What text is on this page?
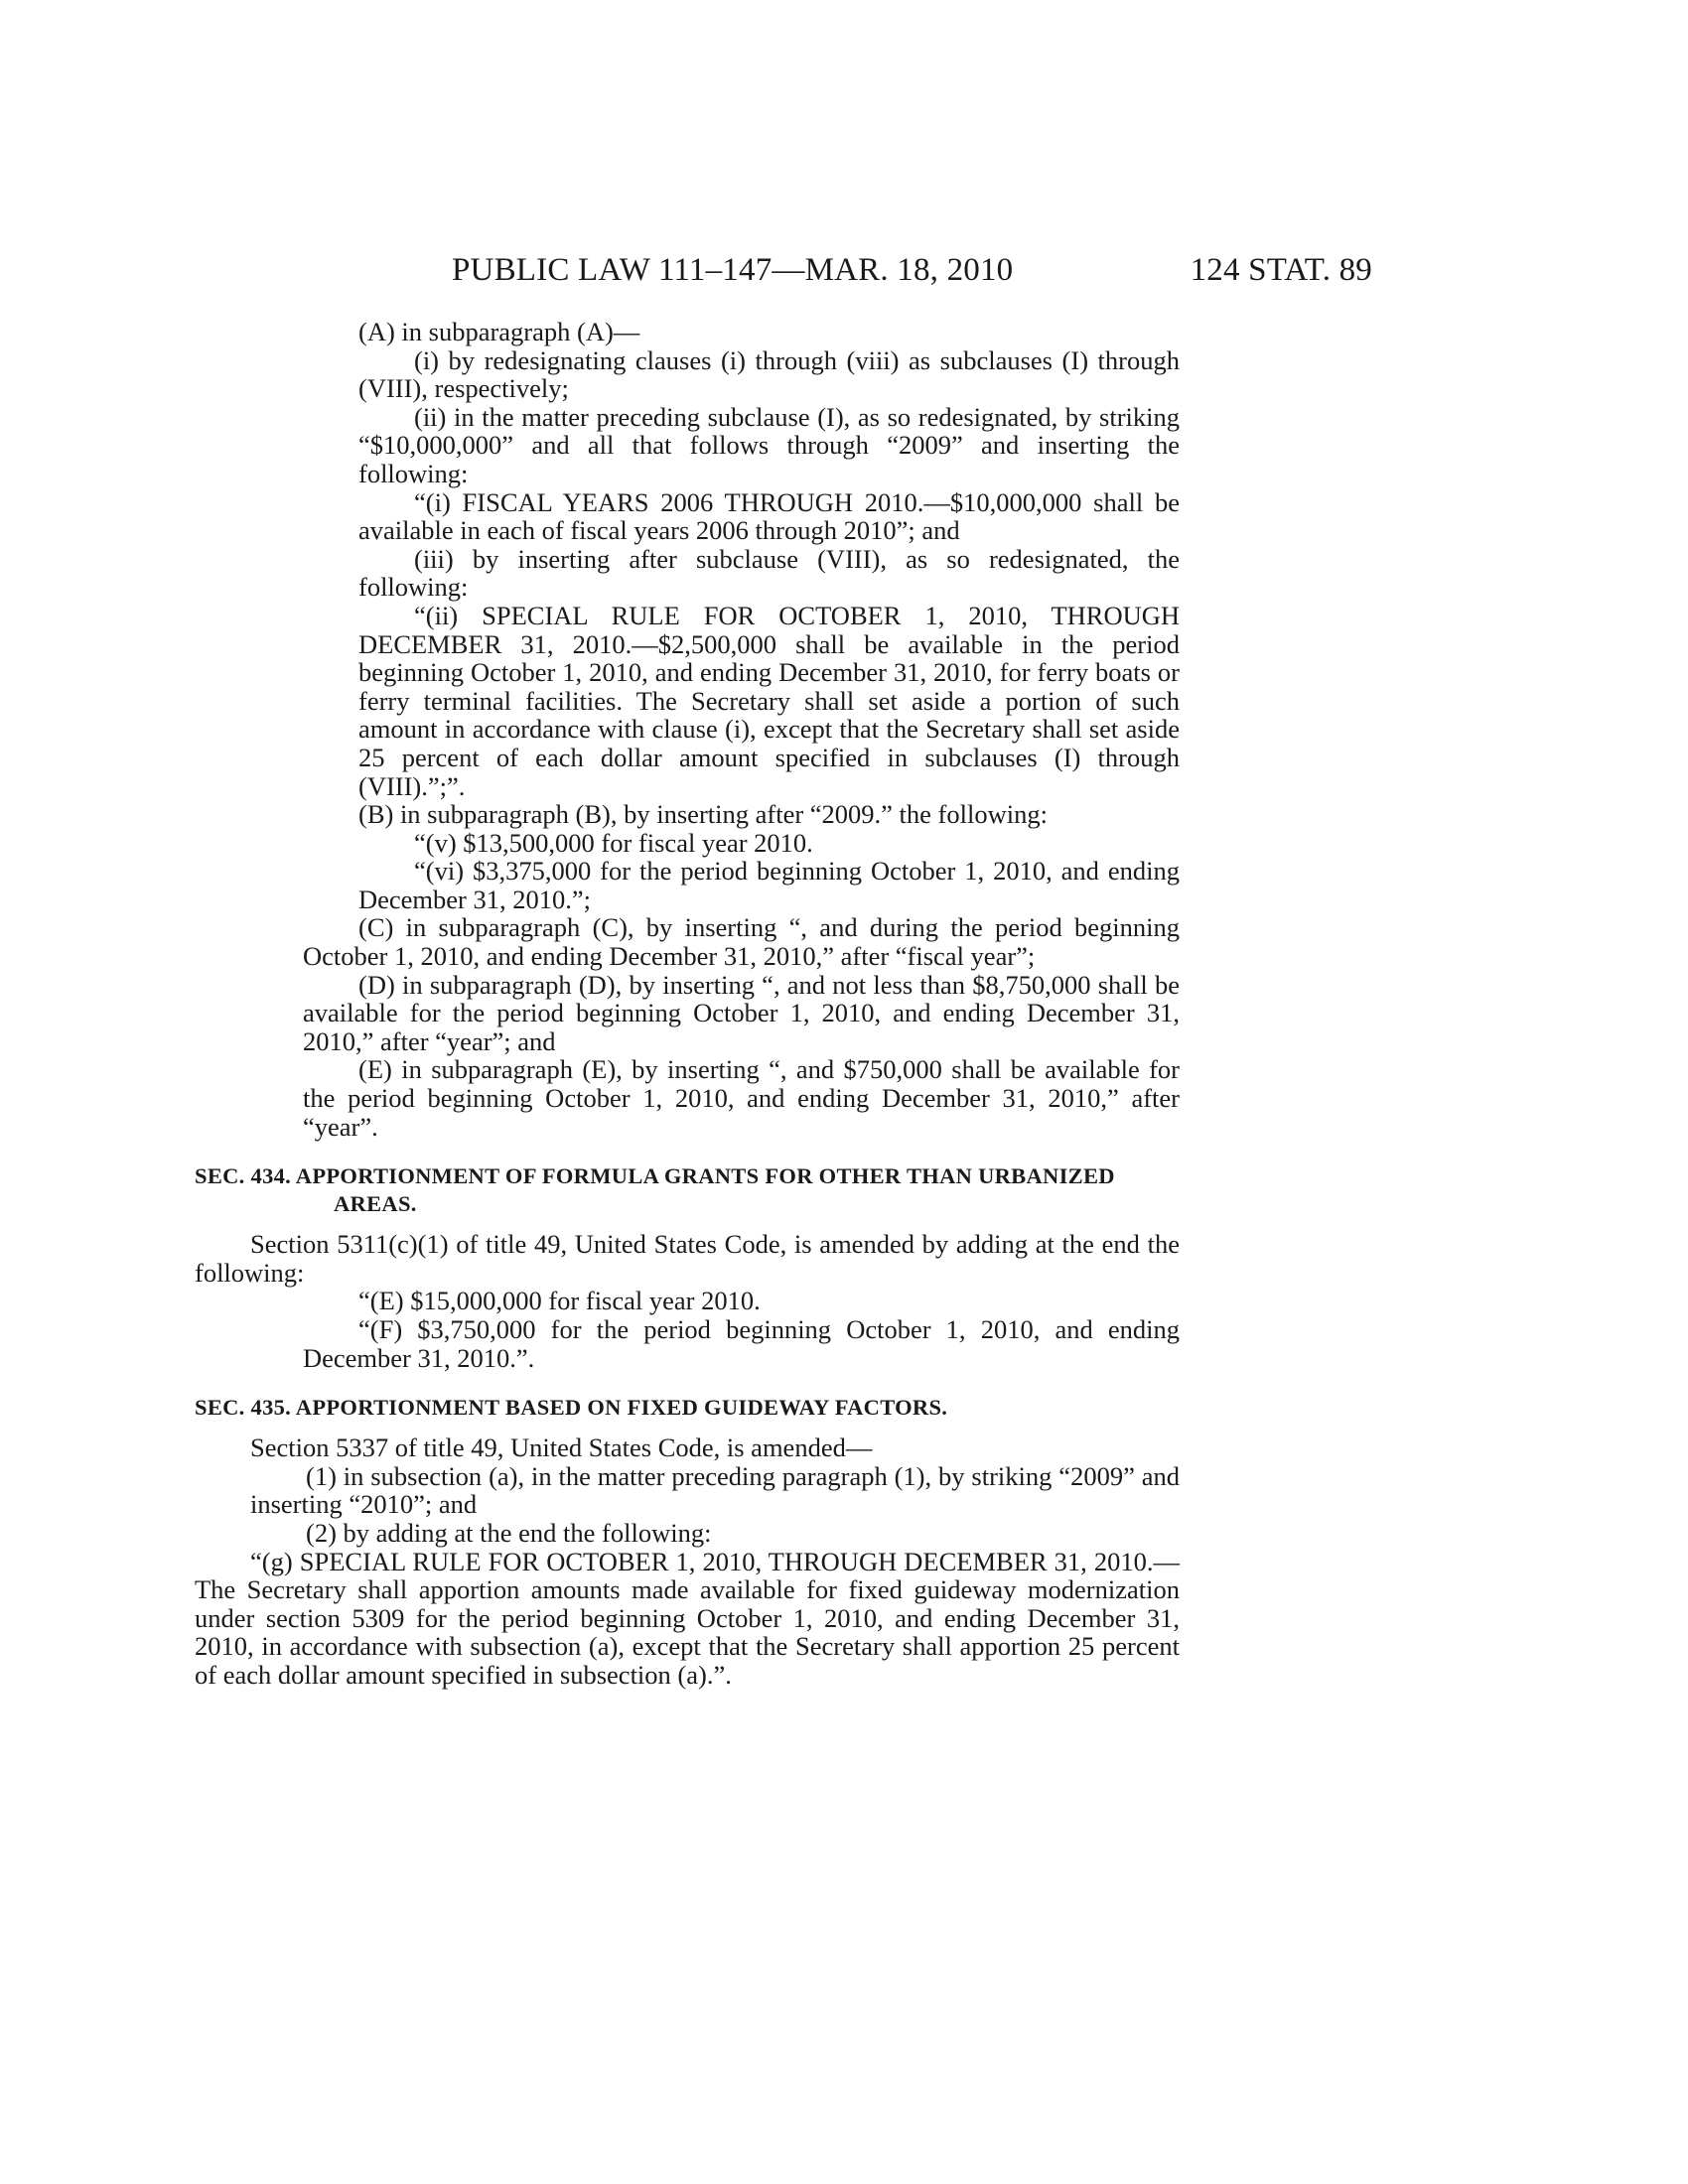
PUBLIC LAW 111–147—MAR. 18, 2010	124 STAT. 89

(A) in subparagraph (A)—

(i) by redesignating clauses (i) through (viii) as subclauses (I) through (VIII), respectively;

(ii) in the matter preceding subclause (I), as so redesignated, by striking “$10,000,000” and all that follows through “2009” and inserting the following:

“(i) FISCAL YEARS 2006 THROUGH 2010.—$10,000,000 shall be available in each of fiscal years 2006 through 2010”; and

(iii) by inserting after subclause (VIII), as so redesignated, the following:

“(ii) SPECIAL RULE FOR OCTOBER 1, 2010, THROUGH DECEMBER 31, 2010.—$2,500,000 shall be available in the period beginning October 1, 2010, and ending December 31, 2010, for ferry boats or ferry terminal facilities. The Secretary shall set aside a portion of such amount in accordance with clause (i), except that the Secretary shall set aside 25 percent of each dollar amount specified in subclauses (I) through (VIII).”;”.

(B) in subparagraph (B), by inserting after “2009.” the following:

“(v) $13,500,000 for fiscal year 2010.

“(vi) $3,375,000 for the period beginning October 1, 2010, and ending December 31, 2010.”;

(C) in subparagraph (C), by inserting “, and during the period beginning October 1, 2010, and ending December 31, 2010,” after “fiscal year”;

(D) in subparagraph (D), by inserting “, and not less than $8,750,000 shall be available for the period beginning October 1, 2010, and ending December 31, 2010,” after “year”; and

(E) in subparagraph (E), by inserting “, and $750,000 shall be available for the period beginning October 1, 2010, and ending December 31, 2010,” after “year”.

SEC. 434. APPORTIONMENT OF FORMULA GRANTS FOR OTHER THAN URBANIZED AREAS.

Section 5311(c)(1) of title 49, United States Code, is amended by adding at the end the following:

“(E) $15,000,000 for fiscal year 2010.

“(F) $3,750,000 for the period beginning October 1, 2010, and ending December 31, 2010.”.

SEC. 435. APPORTIONMENT BASED ON FIXED GUIDEWAY FACTORS.

Section 5337 of title 49, United States Code, is amended—

(1) in subsection (a), in the matter preceding paragraph (1), by striking “2009” and inserting “2010”; and

(2) by adding at the end the following:

“(g) SPECIAL RULE FOR OCTOBER 1, 2010, THROUGH DECEMBER 31, 2010.—The Secretary shall apportion amounts made available for fixed guideway modernization under section 5309 for the period beginning October 1, 2010, and ending December 31, 2010, in accordance with subsection (a), except that the Secretary shall apportion 25 percent of each dollar amount specified in subsection (a).”.
